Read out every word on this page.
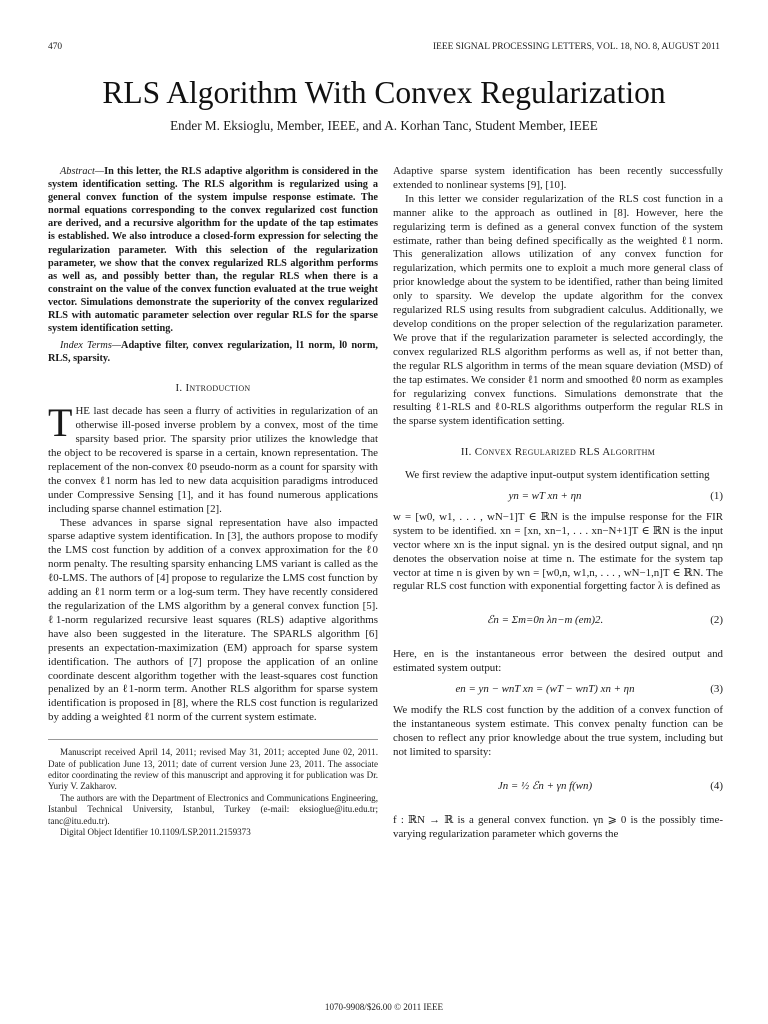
470	IEEE SIGNAL PROCESSING LETTERS, VOL. 18, NO. 8, AUGUST 2011
RLS Algorithm With Convex Regularization
Ender M. Eksioglu, Member, IEEE, and A. Korhan Tanc, Student Member, IEEE

Abstract—In this letter, the RLS adaptive algorithm is considered in the system identification setting. The RLS algorithm is regularized using a general convex function of the system impulse response estimate. The normal equations corresponding to the convex regularized cost function are derived, and a recursive algorithm for the update of the tap estimates is established. We also introduce a closed-form expression for selecting the regularization parameter. With this selection of the regularization parameter, we show that the convex regularized RLS algorithm performs as well as, and possibly better than, the regular RLS when there is a constraint on the value of the convex function evaluated at the true weight vector. Simulations demonstrate the superiority of the convex regularized RLS with automatic parameter selection over regular RLS for the sparse system identification setting.

Index Terms—Adaptive filter, convex regularization, l1 norm, l0 norm, RLS, sparsity.

I. Introduction

THE last decade has seen a flurry of activities in regularization of an otherwise ill-posed inverse problem by a convex, most of the time sparsity based prior. The sparsity prior utilizes the knowledge that the object to be recovered is sparse in a certain, known representation. The replacement of the non-convex ℓ0 pseudo-norm as a count for sparsity with the convex ℓ1 norm has led to new data acquisition paradigms introduced under Compressive Sensing [1], and it has found numerous applications including sparse channel estimation [2].

These advances in sparse signal representation have also impacted sparse adaptive system identification. In [3], the authors propose to modify the LMS cost function by addition of a convex approximation for the ℓ0 norm penalty. The resulting sparsity enhancing LMS variant is called as the ℓ0-LMS. The authors of [4] propose to regularize the LMS cost function by adding an ℓ1 norm term or a log-sum term. They have recently considered the regularization of the LMS algorithm by a general convex function [5]. ℓ1-norm regularized recursive least squares (RLS) adaptive algorithms have also been suggested in the literature. The SPARLS algorithm [6] presents an expectation-maximization (EM) approach for sparse system identification. The authors of [7] propose the application of an online coordinate descent algorithm together with the least-squares cost function penalized by an ℓ1-norm term. Another RLS algorithm for sparse system identification is proposed in [8], where the RLS cost function is regularized by adding a weighted ℓ1 norm of the current system estimate.

Manuscript received April 14, 2011; revised May 31, 2011; accepted June 02, 2011. Date of publication June 13, 2011; date of current version June 23, 2011. The associate editor coordinating the review of this manuscript and approving it for publication was Dr. Yuriy V. Zakharov.

The authors are with the Department of Electronics and Communications Engineering, Istanbul Technical University, Istanbul, Turkey (e-mail: eksioglue@itu.edu.tr; tanc@itu.edu.tr).

Digital Object Identifier 10.1109/LSP.2011.2159373

Adaptive sparse system identification has been recently successfully extended to nonlinear systems [9], [10].

In this letter we consider regularization of the RLS cost function in a manner alike to the approach as outlined in [8]. However, here the regularizing term is defined as a general convex function of the system estimate, rather than being defined specifically as the weighted ℓ1 norm. This generalization allows utilization of any convex function for regularization, which permits one to exploit a much more general class of prior knowledge about the system to be identified, rather than being limited only to sparsity. We develop the update algorithm for the convex regularized RLS using results from subgradient calculus. Additionally, we develop conditions on the proper selection of the regularization parameter. We prove that if the regularization parameter is selected accordingly, the convex regularized RLS algorithm performs as well as, if not better than, the regular RLS algorithm in terms of the mean square deviation (MSD) of the tap estimates. We consider ℓ1 norm and smoothed ℓ0 norm as examples for regularizing convex functions. Simulations demonstrate that the resulting ℓ1-RLS and ℓ0-RLS algorithms outperform the regular RLS in the sparse system identification setting.

II. Convex Regularized RLS Algorithm

We first review the adaptive input-output system identification setting

yn = wT xn + ηn	(1)

w = [w0, w1, . . . , wN−1]T ∈ ℝN is the impulse response for the FIR system to be identified. xn = [xn, xn−1, . . . xn−N+1]T ∈ ℝN is the input vector where xn is the input signal. yn is the desired output signal, and ηn denotes the observation noise at time n. The estimate for the system tap vector at time n is given by wn = [w0,n, w1,n, . . . , wN−1,n]T ∈ ℝN. The regular RLS cost function with exponential forgetting factor λ is defined as

ℰn = Σm=0n λn−m (em)2.	(2)

Here, en is the instantaneous error between the desired output and estimated system output:

en = yn − wnT xn = (wT − wnT) xn + ηn	(3)

We modify the RLS cost function by the addition of a convex function of the instantaneous system estimate. This convex penalty function can be chosen to reflect any prior knowledge about the true system, including but not limited to sparsity:

Jn = ½ ℰn + γn f(wn)	(4)

f : ℝN → ℝ is a general convex function. γn ⩾ 0 is the possibly time-varying regularization parameter which governs the

1070-9908/$26.00 © 2011 IEEE
